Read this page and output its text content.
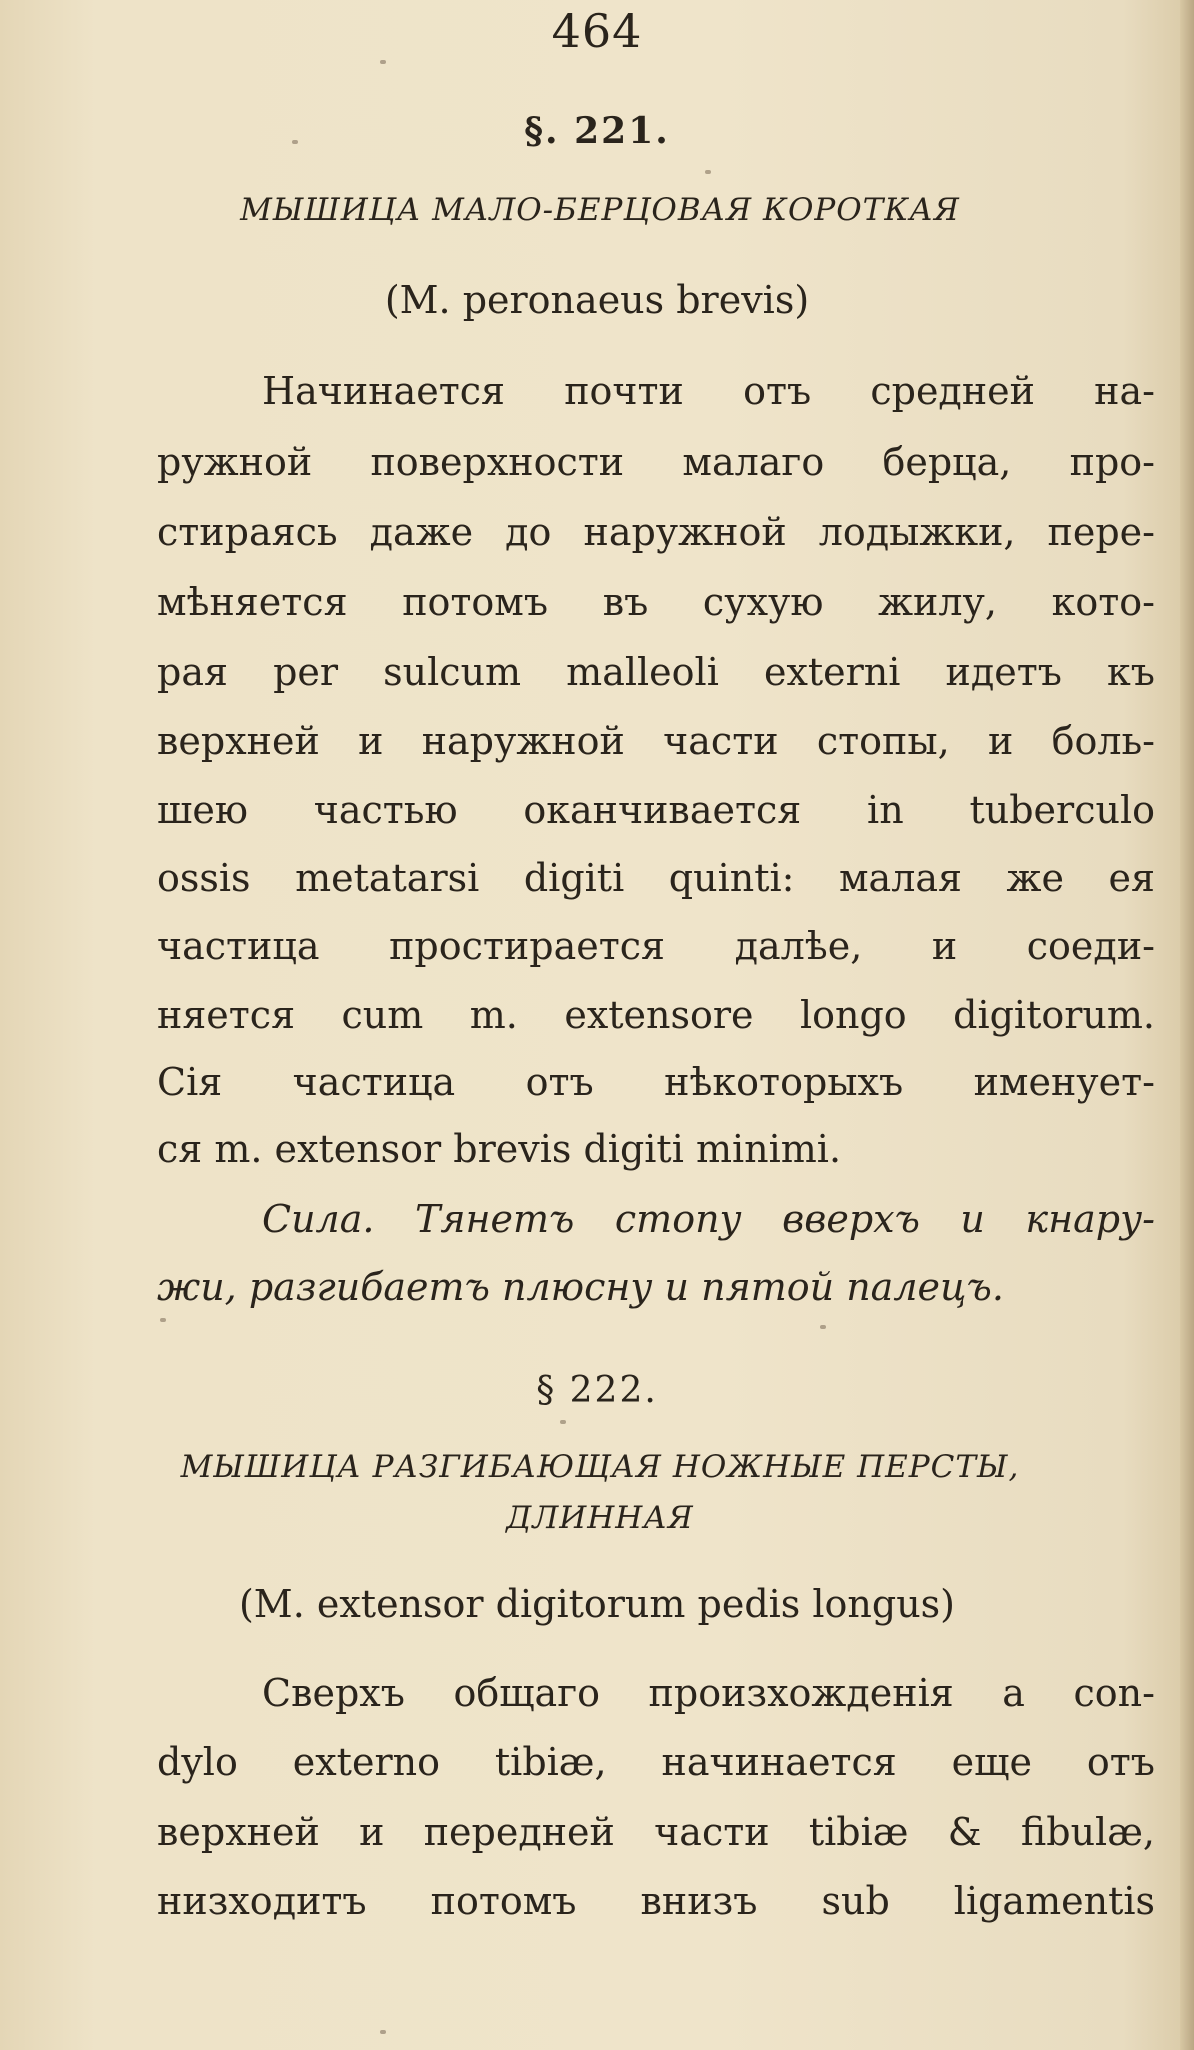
464
§. 221.
МЫШИЦА МАЛО-БЕРЦОВАЯ КОРОТКАЯ
(M. peronaeus brevis)
Начинается почти отъ средней на-
ружной поверхности малаго берца, про-
стираясь даже до наружной лодыжки, пере-
мѣняется потомъ въ сухую жилу, кото-
рая per sulcum malleoli externi идетъ къ
верхней и наружной части стопы, и боль-
шею частью оканчивается in tuberculo
ossis metatarsi digiti quinti: малая же ея
частица простирается далѣе, и соеди-
няется cum m. extensore longo digitorum.
Сія частица отъ нѣкоторыхъ именует-
ся m. extensor brevis digiti minimi.
Сила. Тянетъ стопу вверхъ и кнару-
жи, разгибаетъ плюсну и пятой палецъ.
§ 222.
МЫШИЦА РАЗГИБАЮЩАЯ НОЖНЫЕ ПЕРСТЫ,
ДЛИННАЯ
(M. extensor digitorum pedis longus)
Сверхъ общаго произхожденія а con-
dylo externo tibiæ, начинается еще отъ
верхней и передней части tibiæ & fibulæ,
низходитъ потомъ внизъ sub ligamentis
